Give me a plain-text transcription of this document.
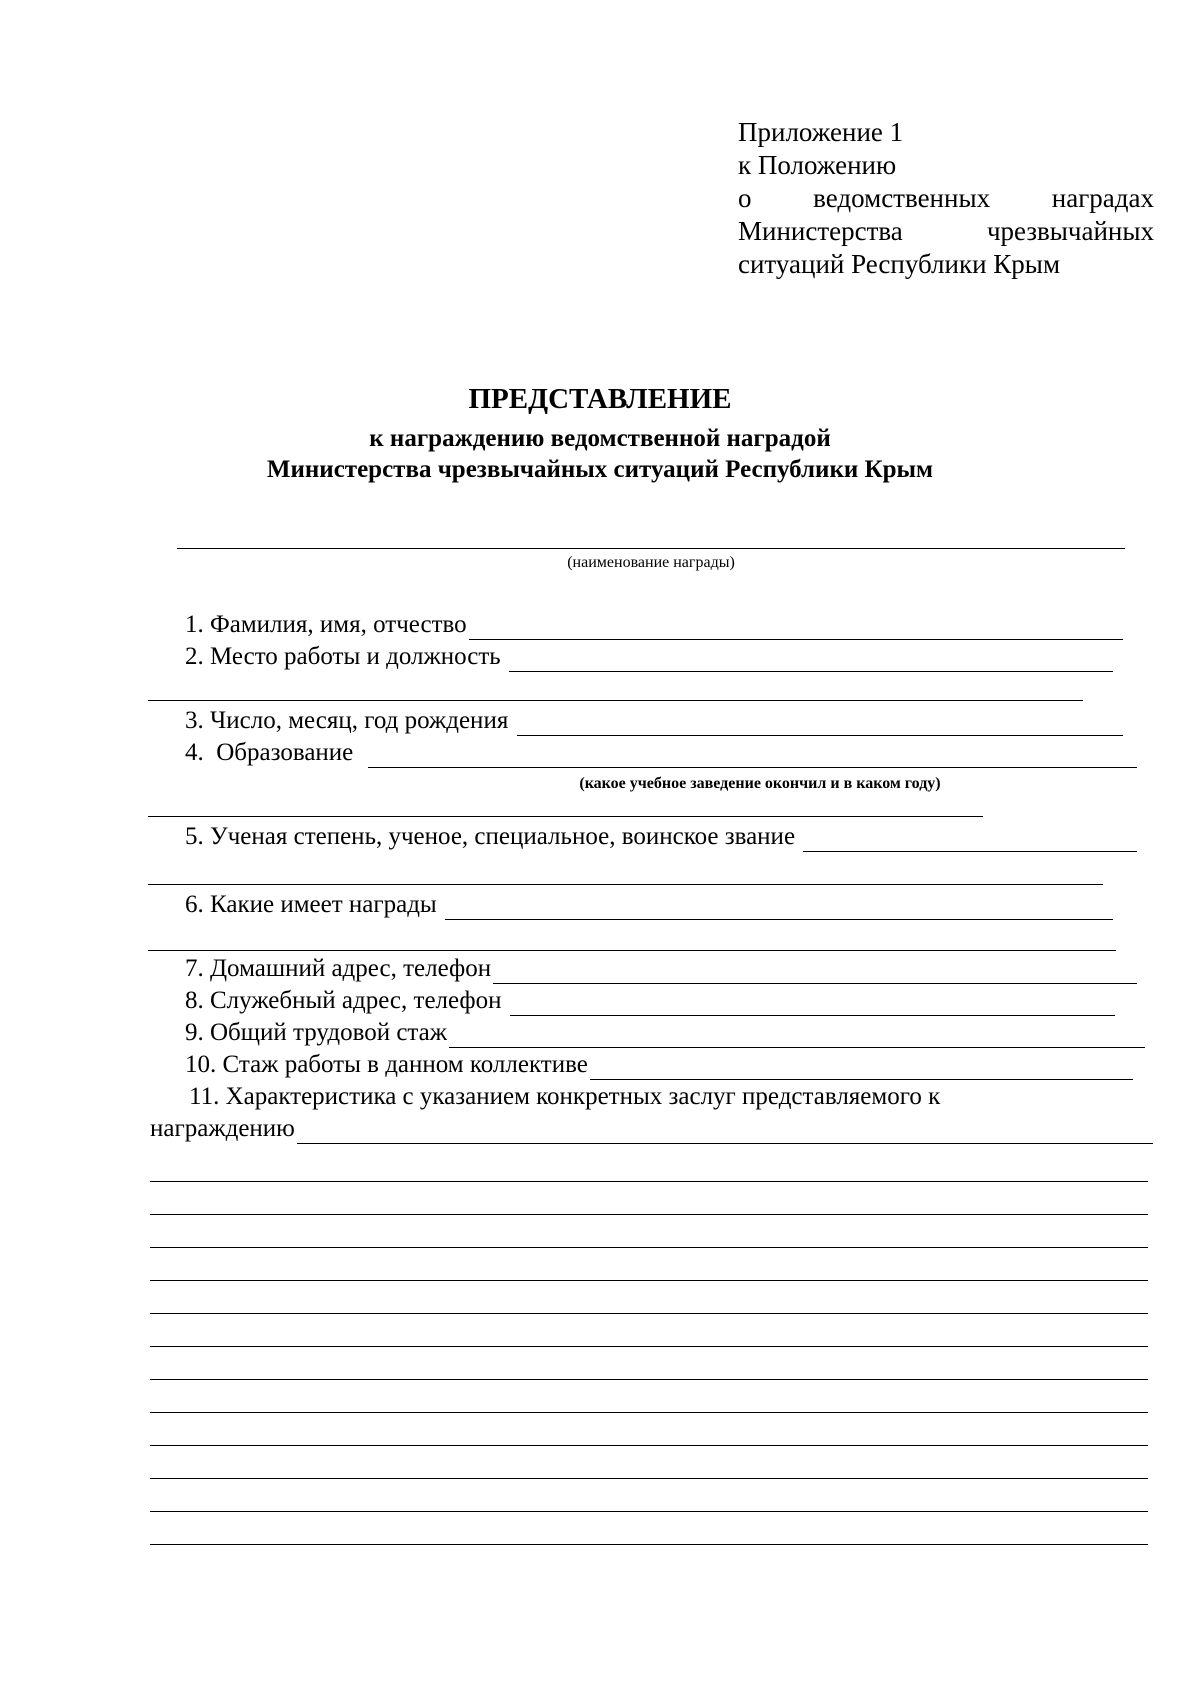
Приложение 1
к Положению
о ведомственных наградах
Министерства	чрезвычайных
ситуаций Республики Крым
ПРЕДСТАВЛЕНИЕ
к награждению ведомственной наградой
Министерства чрезвычайных ситуаций Республики Крым
(наименование награды)
1.
Фамилия, имя, отчество
2.
Место работы и должность

3.
Число, месяц, год рождения

4.
Образование

(какое учебное заведение окончил и в каком году)
5.
Ученая степень, ученое, специальное, воинское звание

6.
Какие имеет награды

7.
Домашний адрес, телефон
8.
Служебный адрес, телефон

9.
Общий трудовой стаж
10.
Стаж работы в данном коллективе
11.
Характеристика с указанием конкретных заслуг представляемого к
награждению
